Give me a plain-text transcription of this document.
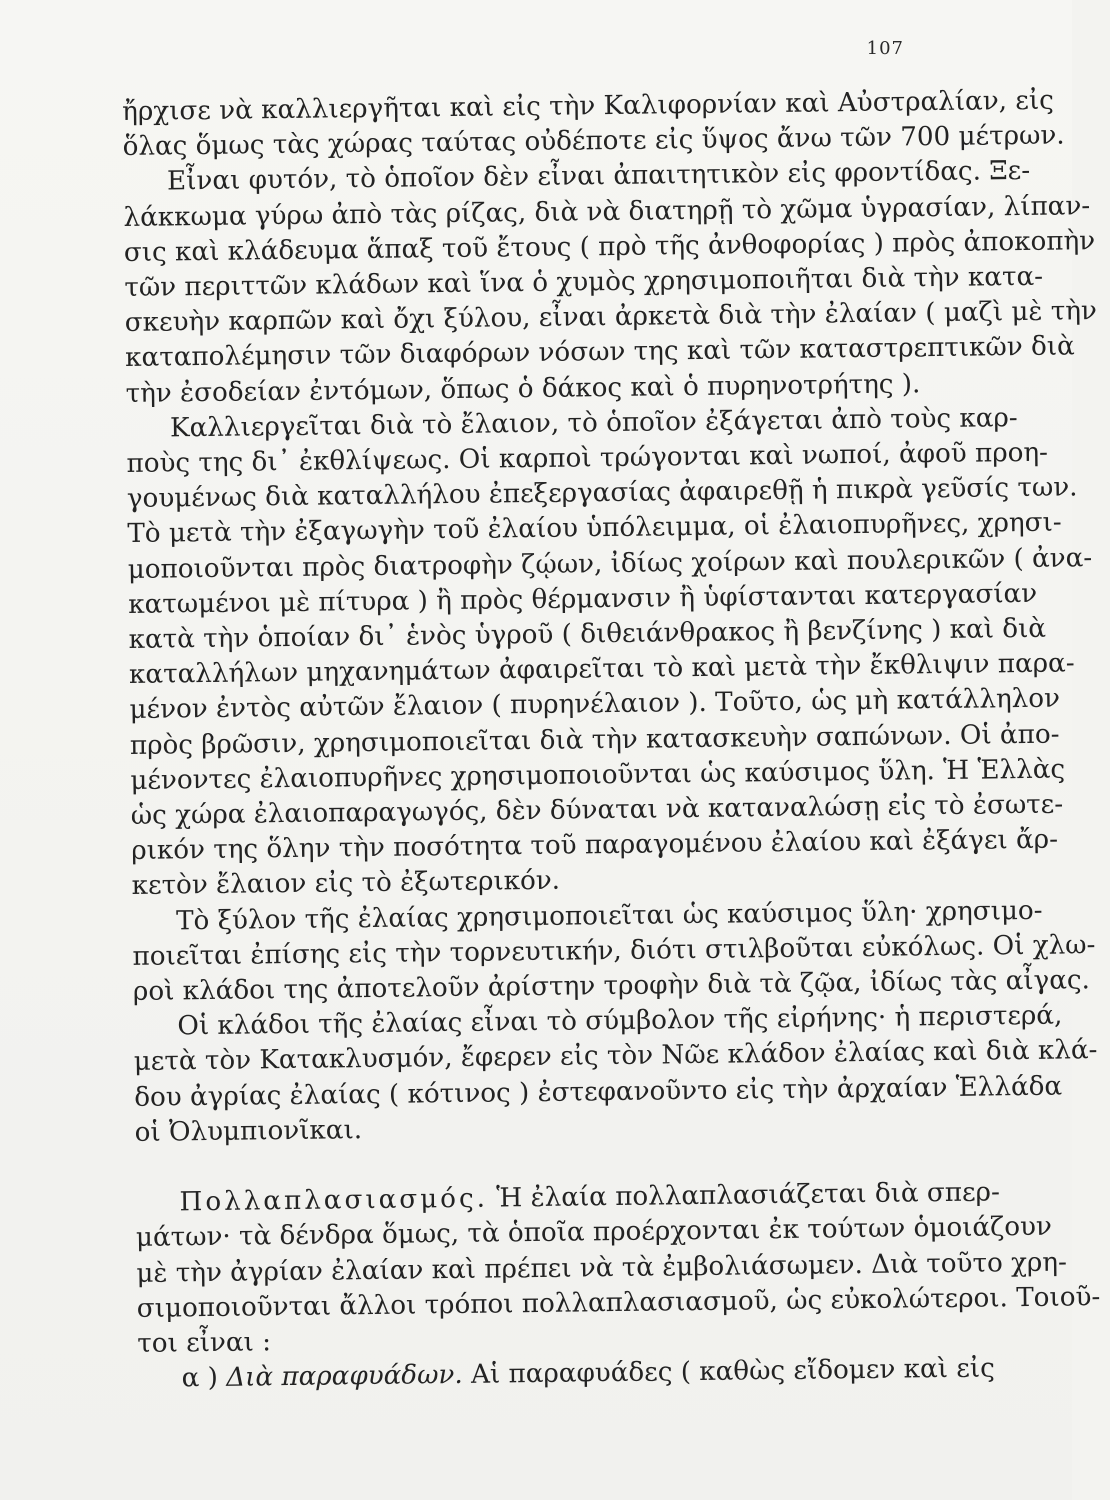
107
ἤρχισε νὰ καλλιεργῆται καὶ εἰς τὴν Καλιφορνίαν καὶ Αὐστραλίαν, εἰς
ὅλας ὅμως τὰς χώρας ταύτας οὐδέποτε εἰς ὕψος ἄνω τῶν 700 μέτρων.
Εἶναι φυτόν, τὸ ὁποῖον δὲν εἶναι ἀπαιτητικὸν εἰς φροντίδας. Ξε-
λάκκωμα γύρω ἀπὸ τὰς ρίζας, διὰ νὰ διατηρῇ τὸ χῶμα ὑγρασίαν, λίπαν-
σις καὶ κλάδευμα ἅπαξ τοῦ ἔτους ( πρὸ τῆς ἀνθοφορίας ) πρὸς ἀποκοπὴν
τῶν περιττῶν κλάδων καὶ ἵνα ὁ χυμὸς χρησιμοποιῆται διὰ τὴν κατα-
σκευὴν καρπῶν καὶ ὄχι ξύλου, εἶναι ἀρκετὰ διὰ τὴν ἐλαίαν ( μαζὶ μὲ τὴν
καταπολέμησιν τῶν διαφόρων νόσων της καὶ τῶν καταστρεπτικῶν διὰ
τὴν ἐσοδείαν ἐντόμων, ὅπως ὁ δάκος καὶ ὁ πυρηνοτρήτης ).
Καλλιεργεῖται διὰ τὸ ἔλαιον, τὸ ὁποῖον ἐξάγεται ἀπὸ τοὺς καρ-
ποὺς της δι᾽ ἐκθλίψεως. Οἱ καρποὶ τρώγονται καὶ νωποί, ἀφοῦ προη-
γουμένως διὰ καταλλήλου ἐπεξεργασίας ἀφαιρεθῇ ἡ πικρὰ γεῦσίς των.
Τὸ μετὰ τὴν ἐξαγωγὴν τοῦ ἐλαίου ὑπόλειμμα, οἱ ἐλαιοπυρῆνες, χρησι-
μοποιοῦνται πρὸς διατροφὴν ζῴων, ἰδίως χοίρων καὶ πουλερικῶν ( ἀνα-
κατωμένοι μὲ πίτυρα ) ἢ πρὸς θέρμανσιν ἢ ὑφίστανται κατεργασίαν
κατὰ τὴν ὁποίαν δι᾽ ἑνὸς ὑγροῦ ( διθειάνθρακος ἢ βενζίνης ) καὶ διὰ
καταλλήλων μηχανημάτων ἀφαιρεῖται τὸ καὶ μετὰ τὴν ἔκθλιψιν παρα-
μένον ἐντὸς αὐτῶν ἔλαιον ( πυρηνέλαιον ). Τοῦτο, ὡς μὴ κατάλληλον
πρὸς βρῶσιν, χρησιμοποιεῖται διὰ τὴν κατασκευὴν σαπώνων. Οἱ ἀπο-
μένοντες ἐλαιοπυρῆνες χρησιμοποιοῦνται ὡς καύσιμος ὕλη. Ἡ Ἑλλὰς
ὡς χώρα ἐλαιοπαραγωγός, δὲν δύναται νὰ καταναλώσῃ εἰς τὸ ἐσωτε-
ρικόν της ὅλην τὴν ποσότητα τοῦ παραγομένου ἐλαίου καὶ ἐξάγει ἄρ-
κετὸν ἔλαιον εἰς τὸ ἐξωτερικόν.
Τὸ ξύλον τῆς ἐλαίας χρησιμοποιεῖται ὡς καύσιμος ὕλη· χρησιμο-
ποιεῖται ἐπίσης εἰς τὴν τορνευτικήν, διότι στιλβοῦται εὐκόλως. Οἱ χλω-
ροὶ κλάδοι της ἀποτελοῦν ἀρίστην τροφὴν διὰ τὰ ζῷα, ἰδίως τὰς αἶγας.
Οἱ κλάδοι τῆς ἐλαίας εἶναι τὸ σύμβολον τῆς εἰρήνης· ἡ περιστερά,
μετὰ τὸν Κατακλυσμόν, ἔφερεν εἰς τὸν Νῶε κλάδον ἐλαίας καὶ διὰ κλά-
δου ἀγρίας ἐλαίας ( κότινος ) ἐστεφανοῦντο εἰς τὴν ἀρχαίαν Ἑλλάδα
οἱ Ὀλυμπιονῖκαι.
Πολλαπλασιασμός. Ἡ ἐλαία πολλαπλασιάζεται διὰ σπερ-
μάτων· τὰ δένδρα ὅμως, τὰ ὁποῖα προέρχονται ἐκ τούτων ὁμοιάζουν
μὲ τὴν ἀγρίαν ἐλαίαν καὶ πρέπει νὰ τὰ ἐμβολιάσωμεν. Διὰ τοῦτο χρη-
σιμοποιοῦνται ἄλλοι τρόποι πολλαπλασιασμοῦ, ὡς εὐκολώτεροι. Τοιοῦ-
τοι εἶναι :
α ) Διὰ παραφυάδων. Αἱ παραφυάδες ( καθὼς εἴδομεν καὶ εἰς
